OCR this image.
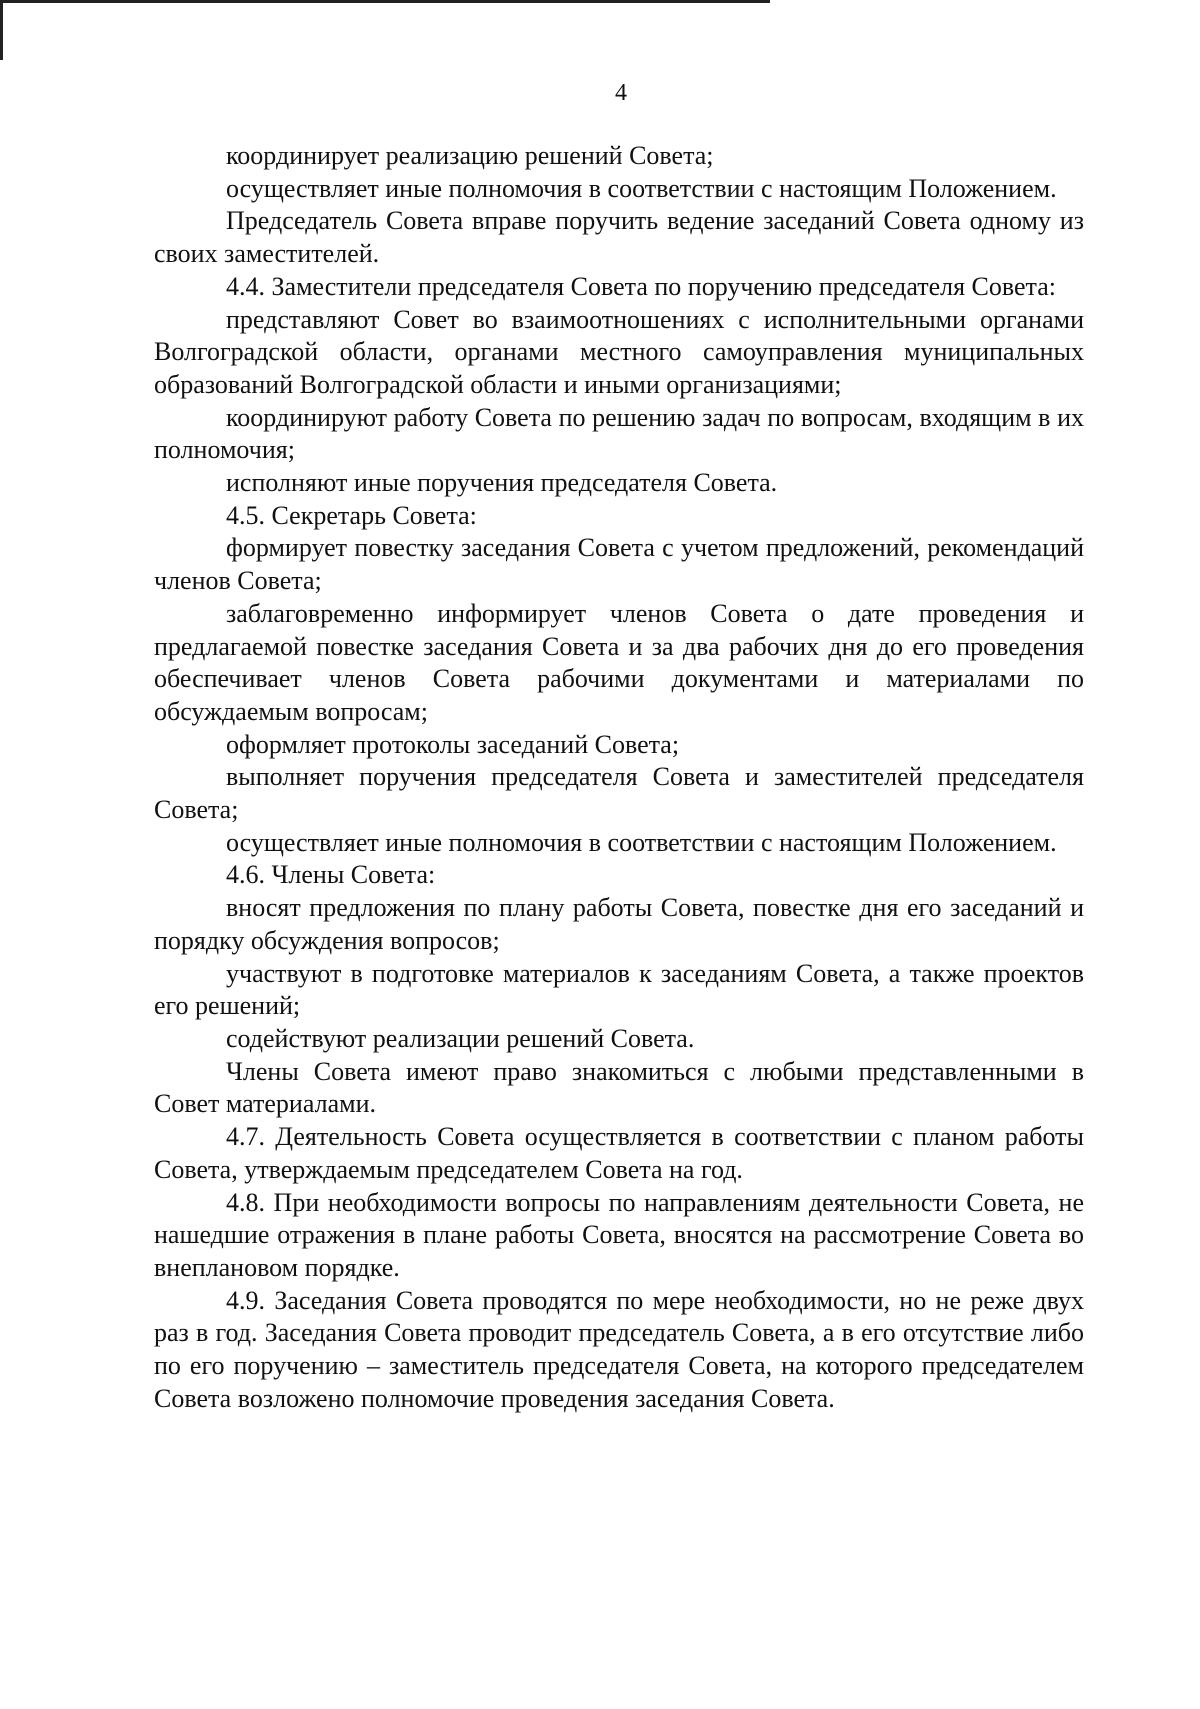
4

координирует реализацию решений Совета;

осуществляет иные полномочия в соответствии с настоящим Положением.

Председатель Совета вправе поручить ведение заседаний Совета одному из своих заместителей.

4.4. Заместители председателя Совета по поручению председателя Совета:

представляют Совет во взаимоотношениях с исполнительными органами Волгоградской области, органами местного самоуправления муниципальных образований Волгоградской области и иными организациями;

координируют работу Совета по решению задач по вопросам, входящим в их полномочия;

исполняют иные поручения председателя Совета.

4.5. Секретарь Совета:

формирует повестку заседания Совета с учетом предложений, рекомендаций членов Совета;

заблаговременно информирует членов Совета о дате проведения и предлагаемой повестке заседания Совета и за два рабочих дня до его проведения обеспечивает членов Совета рабочими документами и материалами по обсуждаемым вопросам;

оформляет протоколы заседаний Совета;

выполняет поручения председателя Совета и заместителей председателя Совета;

осуществляет иные полномочия в соответствии с настоящим Положением.

4.6. Члены Совета:

вносят предложения по плану работы Совета, повестке дня его заседаний и порядку обсуждения вопросов;

участвуют в подготовке материалов к заседаниям Совета, а также проектов его решений;

содействуют реализации решений Совета.

Члены Совета имеют право знакомиться с любыми представленными в Совет материалами.

4.7. Деятельность Совета осуществляется в соответствии с планом работы Совета, утверждаемым председателем Совета на год.

4.8. При необходимости вопросы по направлениям деятельности Совета, не нашедшие отражения в плане работы Совета, вносятся на рассмотрение Совета во внеплановом порядке.

4.9. Заседания Совета проводятся по мере необходимости, но не реже двух раз в год. Заседания Совета проводит председатель Совета, а в его отсутствие либо по его поручению – заместитель председателя Совета, на которого председателем Совета возложено полномочие проведения заседания Совета.
